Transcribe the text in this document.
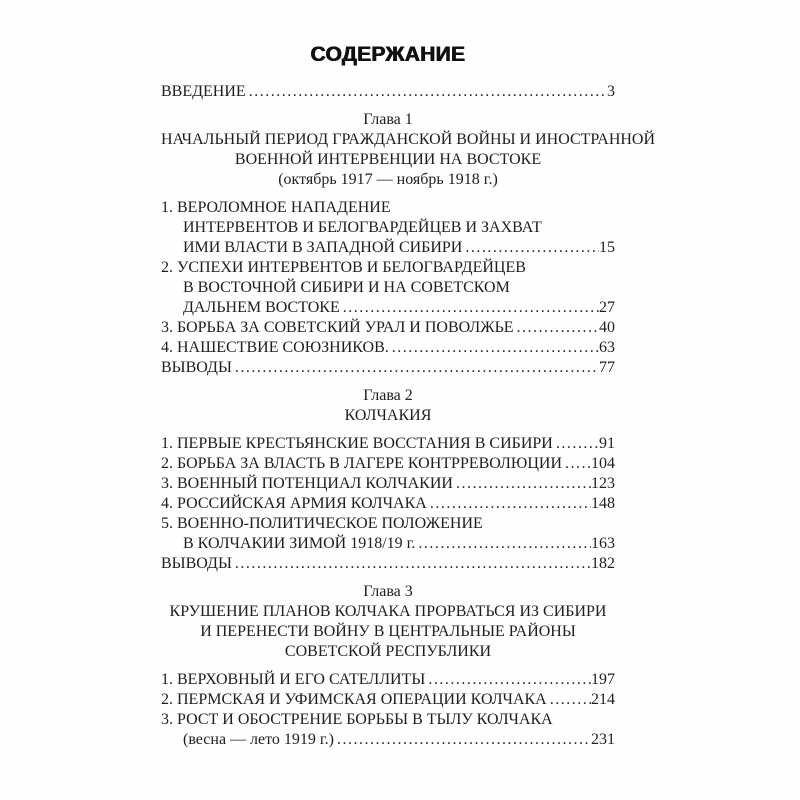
СОДЕРЖАНИЕ
ВВЕДЕНИЕ .....	3
Глава 1
НАЧАЛЬНЫЙ ПЕРИОД ГРАЖДАНСКОЙ ВОЙНЫ И ИНОСТРАННОЙ
ВОЕННОЙ ИНТЕРВЕНЦИИ НА ВОСТОКЕ
(октябрь 1917 — ноябрь 1918 г.)
1. ВЕРОЛОМНОЕ НАПАДЕНИЕ
ИНТЕРВЕНТОВ И БЕЛОГВАРДЕЙЦЕВ И ЗАХВАТ
ИМИ ВЛАСТИ В ЗАПАДНОЙ СИБИРИ .....	15
2. УСПЕХИ ИНТЕРВЕНТОВ И БЕЛОГВАРДЕЙЦЕВ
В ВОСТОЧНОЙ СИБИРИ И НА СОВЕТСКОМ
ДАЛЬНЕМ ВОСТОКЕ .....	27
3. БОРЬБА ЗА СОВЕТСКИЙ УРАЛ И ПОВОЛЖЬЕ .....	40
4. НАШЕСТВИЕ СОЮЗНИКОВ. .....	63
ВЫВОДЫ .....	77
Глава 2
КОЛЧАКИЯ
1. ПЕРВЫЕ КРЕСТЬЯНСКИЕ ВОССТАНИЯ В СИБИРИ .....	91
2. БОРЬБА ЗА ВЛАСТЬ В ЛАГЕРЕ КОНТРРЕВОЛЮЦИИ ..... 104
3. ВОЕННЫЙ ПОТЕНЦИАЛ КОЛЧАКИИ .....	123
4. РОССИЙСКАЯ АРМИЯ КОЛЧАКА .....	148
5. ВОЕННО-ПОЛИТИЧЕСКОЕ ПОЛОЖЕНИЕ
В КОЛЧАКИИ ЗИМОЙ 1918/19 г. .....	163
ВЫВОДЫ .....	182
Глава 3
КРУШЕНИЕ ПЛАНОВ КОЛЧАКА ПРОРВАТЬСЯ ИЗ СИБИРИ
И ПЕРЕНЕСТИ ВОЙНУ В ЦЕНТРАЛЬНЫЕ РАЙОНЫ
СОВЕТСКОЙ РЕСПУБЛИКИ
1. ВЕРХОВНЫЙ И ЕГО САТЕЛЛИТЫ .....	197
2. ПЕРМСКАЯ И УФИМСКАЯ ОПЕРАЦИИ КОЛЧАКА .....	214
3. РОСТ И ОБОСТРЕНИЕ БОРЬБЫ В ТЫЛУ КОЛЧАКА
(весна — лето 1919 г.) .....	231
